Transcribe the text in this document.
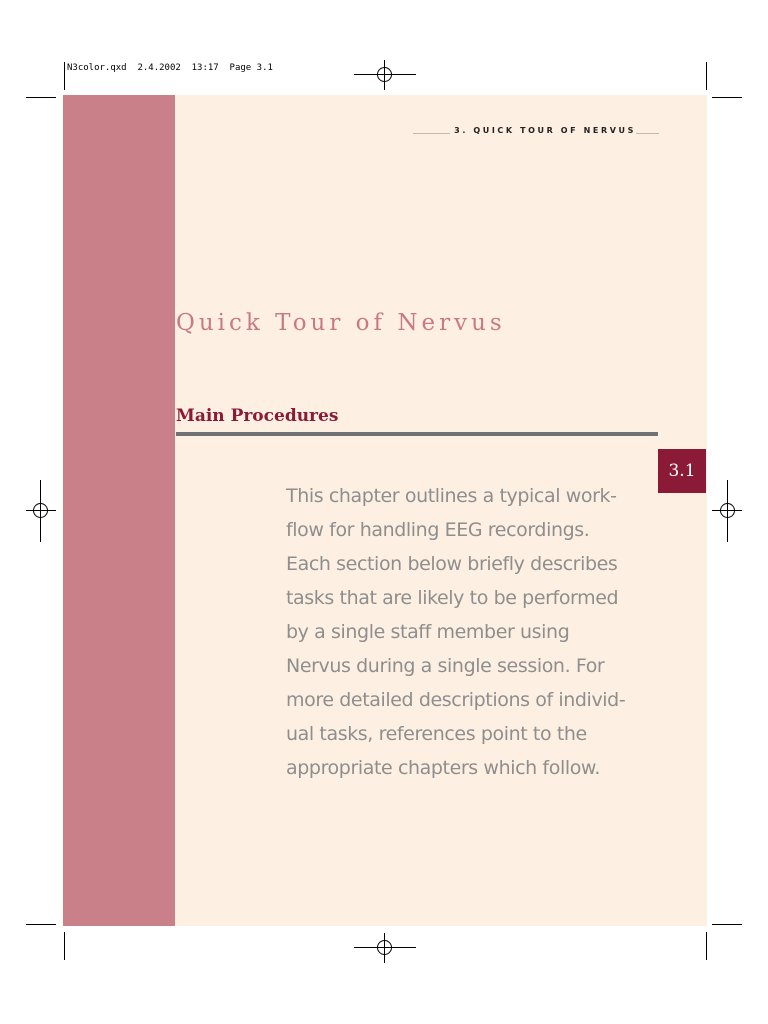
N3color.qxd  2.4.2002  13:17  Page 3.1

3. QUICK TOUR OF NERVUS

Quick Tour of Nervus
Main Procedures
3.1

This chapter outlines a typical work-
flow for handling EEG recordings.
Each section below briefly describes
tasks that are likely to be performed
by a single staff member using
Nervus during a single session. For
more detailed descriptions of individ-
ual tasks, references point to the
appropriate chapters which follow.
